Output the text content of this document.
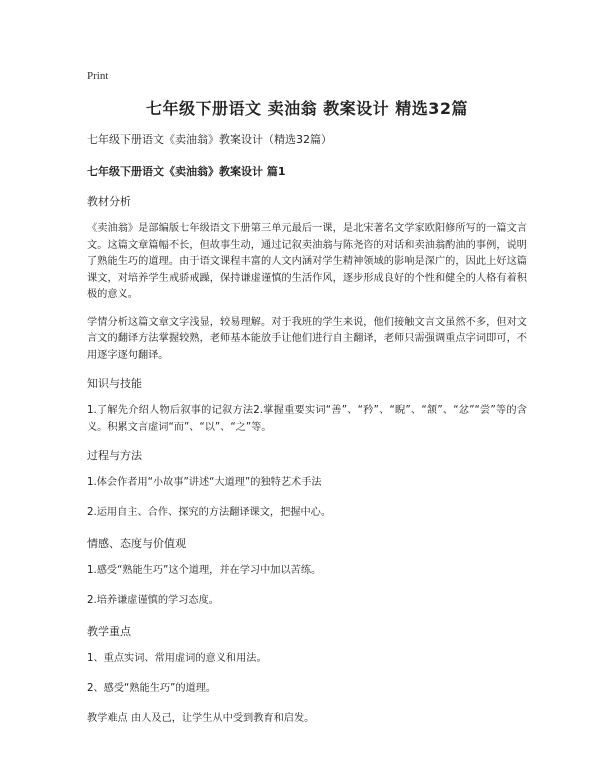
Print
七年级下册语文 卖油翁 教案设计 精选32篇
七年级下册语文《卖油翁》教案设计（精选32篇）
七年级下册语文《卖油翁》教案设计 篇1
教材分析

《卖油翁》是部编版七年级语文下册第三单元最后一课，是北宋著名文学家欧阳修所写的一篇文言文。这篇文章篇幅不长，但故事生动，通过记叙卖油翁与陈尧咨的对话和卖油翁酌油的事例，说明了熟能生巧的道理。由于语文课程丰富的人文内涵对学生精神领域的影响是深广的，因此上好这篇课文，对培养学生戒骄戒躁，保持谦虚谨慎的生活作风，逐步形成良好的个性和健全的人格有着积极的意义。

学情分析这篇文章文字浅显，较易理解。对于我班的学生来说，他们接触文言文虽然不多，但对文言文的翻译方法掌握较熟，老师基本能放手让他们进行自主翻译，老师只需强调重点字词即可，不用逐字逐句翻译。

知识与技能

1.了解先介绍人物后叙事的记叙方法2.掌握重要实词“善”、“矜”、“睨”、“颔”、“忿”“尝”等的含义。积累文言虚词“而”、“以”、“之”等。

过程与方法
1.体会作者用“小故事”讲述“大道理”的独特艺术手法
2.运用自主、合作、探究的方法翻译课文，把握中心。
情感、态度与价值观
1.感受“熟能生巧”这个道理，并在学习中加以苦练。
2.培养谦虚谨慎的学习态度。
教学重点
1、重点实词、常用虚词的意义和用法。
2、感受“熟能生巧”的道理。
教学难点 由人及己，让学生从中受到教育和启发。
